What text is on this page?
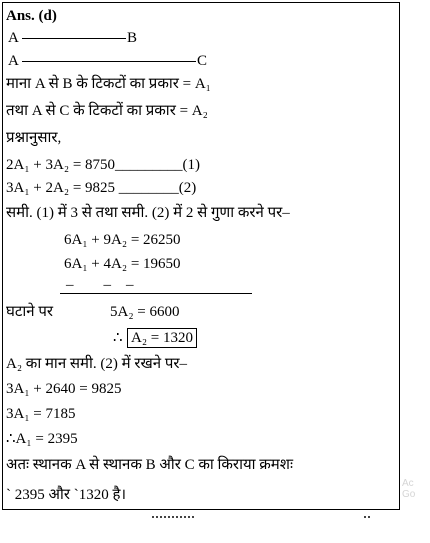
Ans. (d)
A	B
A	C
माना A से B के टिकटों का प्रकार = A₁
तथा A से C के टिकटों का प्रकार = A₂
प्रश्नानुसार,
2A₁ + 3A₂ = 8750_________(1)
3A₁ + 2A₂ = 9825 ________(2)
समी. (1) में 3 से तथा समी. (2) में 2 से गुणा करने पर–
6A₁ + 9A₂ = 26250
6A₁ + 4A₂ = 19650
–        –    –
घटाने पर	5A₂ = 6600
∴ A₂ = 1320
A₂ का मान समी. (2) में रखने पर–
3A₁ + 2640 = 9825
3A₁ = 7185
∴A₁ = 2395
अतः स्थानक A से स्थानक B और C का किराया क्रमशः
` 2395 और `1320 है।
Ac Go
